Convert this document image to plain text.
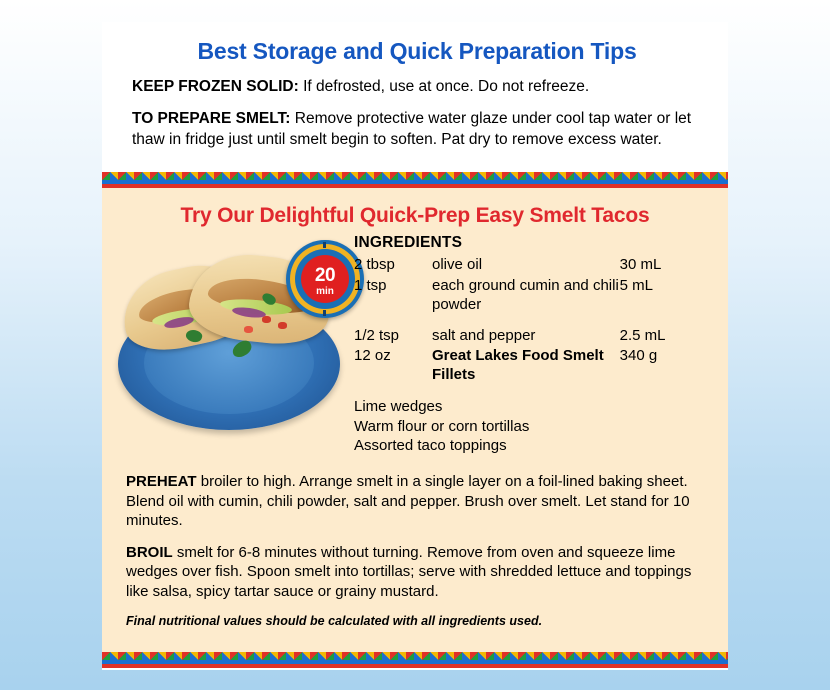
Best Storage and Quick Preparation Tips

KEEP FROZEN SOLID: If defrosted, use at once. Do not refreeze.

TO PREPARE SMELT: Remove protective water glaze under cool tap water or let thaw in fridge just until smelt begin to soften. Pat dry to remove excess water.

Try Our Delightful Quick-Prep Easy Smelt Tacos
20
min
INGREDIENTS
2 tbsp	olive oil	30 mL
1 tsp	each ground cumin and chili powder	5 mL

1/2 tsp	salt and pepper	2.5 mL
12 oz	Great Lakes Food Smelt Fillets	340 g
Lime wedges
Warm flour or corn tortillas
Assorted taco toppings

PREHEAT broiler to high. Arrange smelt in a single layer on a foil-lined baking sheet. Blend oil with cumin, chili powder, salt and pepper. Brush over smelt. Let stand for 10 minutes.

BROIL smelt for 6-8 minutes without turning. Remove from oven and squeeze lime wedges over fish. Spoon smelt into tortillas; serve with shredded lettuce and toppings like salsa, spicy tartar sauce or grainy mustard.

Final nutritional values should be calculated with all ingredients used.
